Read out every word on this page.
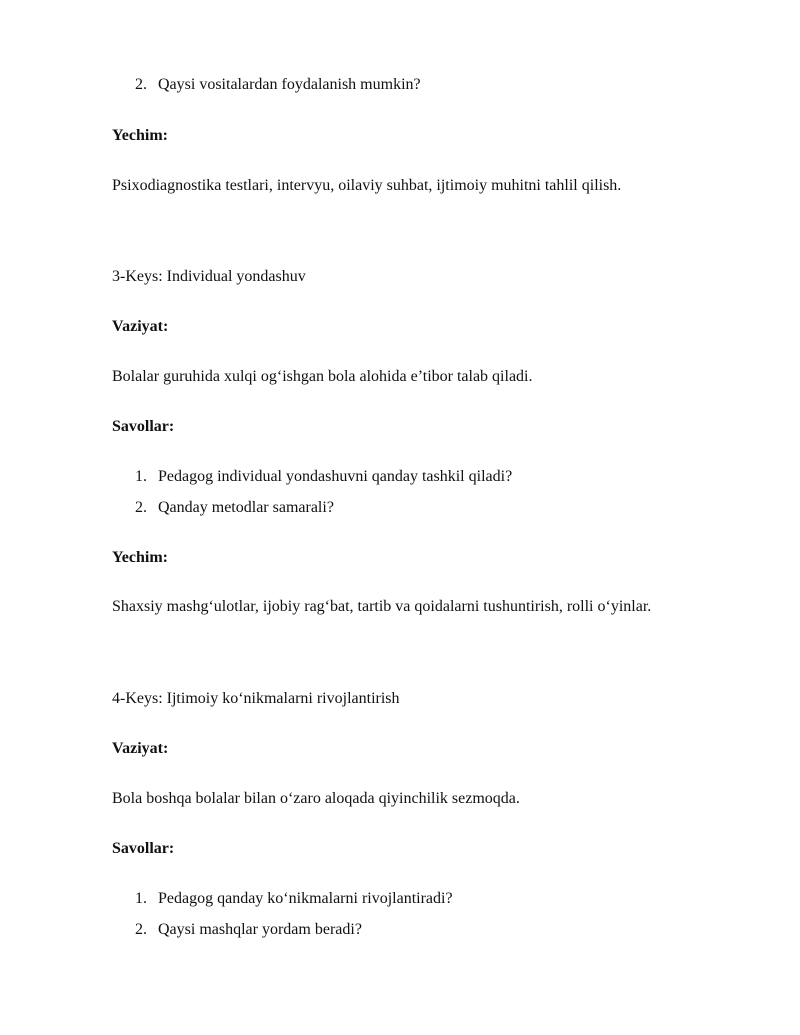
2. Qaysi vositalardan foydalanish mumkin?
Yechim:
Psixodiagnostika testlari, intervyu, oilaviy suhbat, ijtimoiy muhitni tahlil qilish.
3-Keys: Individual yondashuv
Vaziyat:
Bolalar guruhida xulqi og‘ishgan bola alohida e’tibor talab qiladi.
Savollar:
1. Pedagog individual yondashuvni qanday tashkil qiladi?
2. Qanday metodlar samarali?
Yechim:
Shaxsiy mashg‘ulotlar, ijobiy rag‘bat, tartib va qoidalarni tushuntirish, rolli o‘yinlar.
4-Keys: Ijtimoiy ko‘nikmalarni rivojlantirish
Vaziyat:
Bola boshqa bolalar bilan o‘zaro aloqada qiyinchilik sezmoqda.
Savollar:
1. Pedagog qanday ko‘nikmalarni rivojlantiradi?
2. Qaysi mashqlar yordam beradi?
